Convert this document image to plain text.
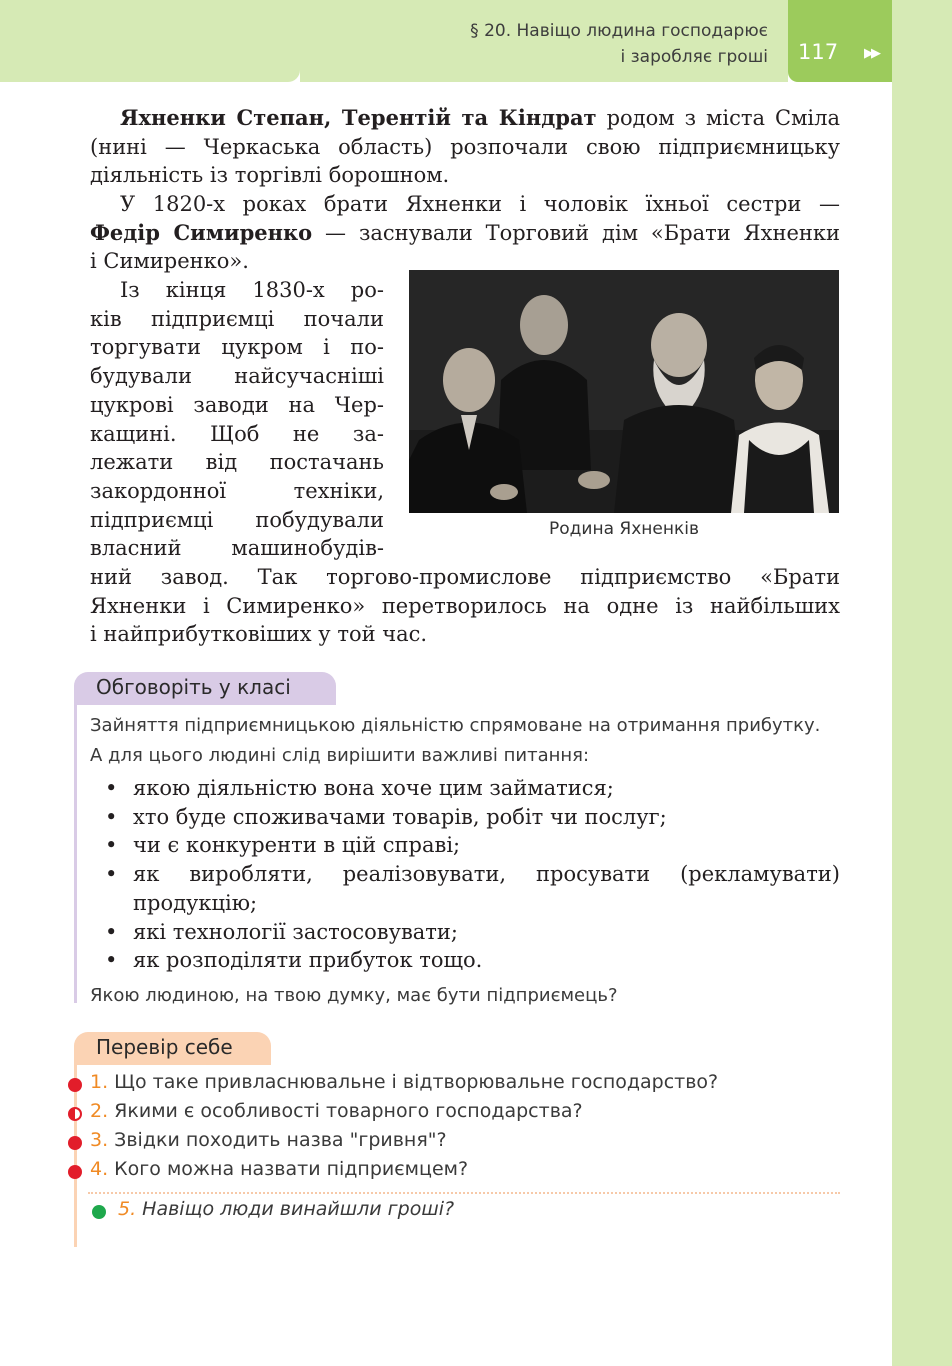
§ 20. Навіщо людина господарює
і заробляє гроші 117 ▶▶
Яхненки Степан, Терентій та Кіндрат родом з міста Сміла
(нині — Черкаська область) розпочали свою підприємницьку
діяльність із торгівлі борошном.
У 1820-х роках брати Яхненки і чоловік їхньої сестри —
Федір Симиренко — заснували Торговий дім «Брати Яхненки
і Симиренко».
Із кінця 1830-х ро-
ків підприємці почали
торгувати цукром і по-
будували найсучасніші
цукрові заводи на Чер-
кащині. Щоб не за-
лежати від постачань
закордонної техніки,
підприємці побудували
власний машинобудів-
ний завод. Так торгово-промислове підприємство «Брати
Яхненки і Симиренко» перетворилось на одне із найбільших
і найприбутковіших у той час.
Родина Яхненків
Обговоріть у класі
Зайняття підприємницькою діяльністю спрямоване на отримання прибутку.
А для цього людині слід вирішити важливі питання:
• якою діяльністю вона хоче цим займатися;
• хто буде споживачами товарів, робіт чи послуг;
• чи є конкуренти в цій справі;
• як виробляти, реалізовувати, просувати (рекламувати)
продукцію;
• які технології застосовувати;
• як розподіляти прибуток тощо.
Якою людиною, на твою думку, має бути підприємець?
Перевір себе
1. Що таке привласнювальне і відтворювальне господарство?
2. Якими є особливості товарного господарства?
3. Звідки походить назва "гривня"?
4. Кого можна назвати підприємцем?
5. Навіщо люди винайшли гроші?
